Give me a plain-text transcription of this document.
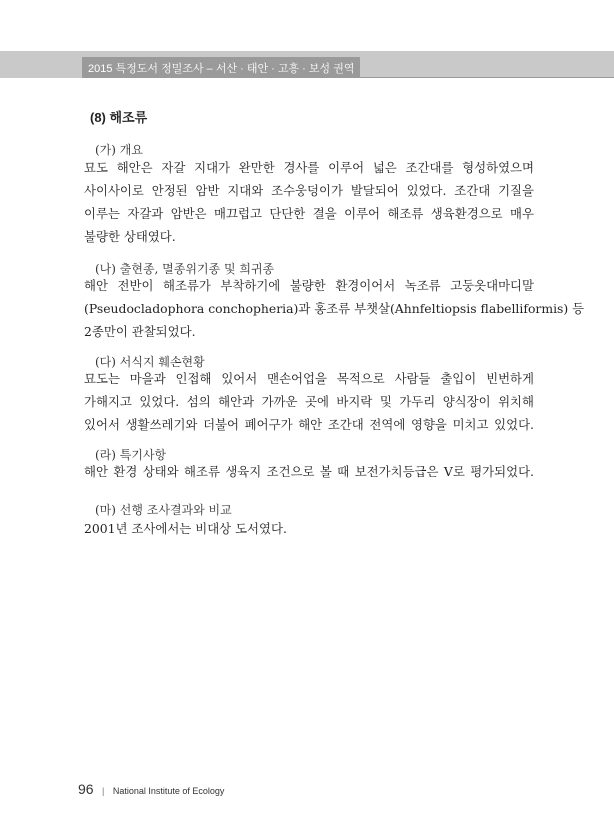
2015 특정도서 정밀조사 – 서산 · 태안 · 고흥 · 보성 권역
(8) 해조류
(가) 개요
묘도 해안은 자갈 지대가 완만한 경사를 이루어 넓은 조간대를 형성하였으며
사이사이로 안정된 암반 지대와 조수웅덩이가 발달되어 있었다. 조간대 기질을
이루는 자갈과 암반은 매끄럽고 단단한 결을 이루어 해조류 생육환경으로 매우
불량한 상태였다.
(나) 출현종, 멸종위기종 및 희귀종
해안 전반이 해조류가 부착하기에 불량한 환경이어서 녹조류 고둥옷대마디말
(Pseudocladophora conchopheria)과 홍조류 부챗살(Ahnfeltiopsis flabelliformis) 등
2종만이 관찰되었다.
(다) 서식지 훼손현황
묘도는 마을과 인접해 있어서 맨손어업을 목적으로 사람들 출입이 빈번하게
가해지고 있었다. 섬의 해안과 가까운 곳에 바지락 및 가두리 양식장이 위치해
있어서 생활쓰레기와 더불어 폐어구가 해안 조간대 전역에 영향을 미치고 있었다.
(라) 특기사항
해안 환경 상태와 해조류 생육지 조건으로 볼 때 보전가치등급은 V로 평가되었다.
(마) 선행 조사결과와 비교
2001년 조사에서는 비대상 도서였다.
96 | National Institute of Ecology
